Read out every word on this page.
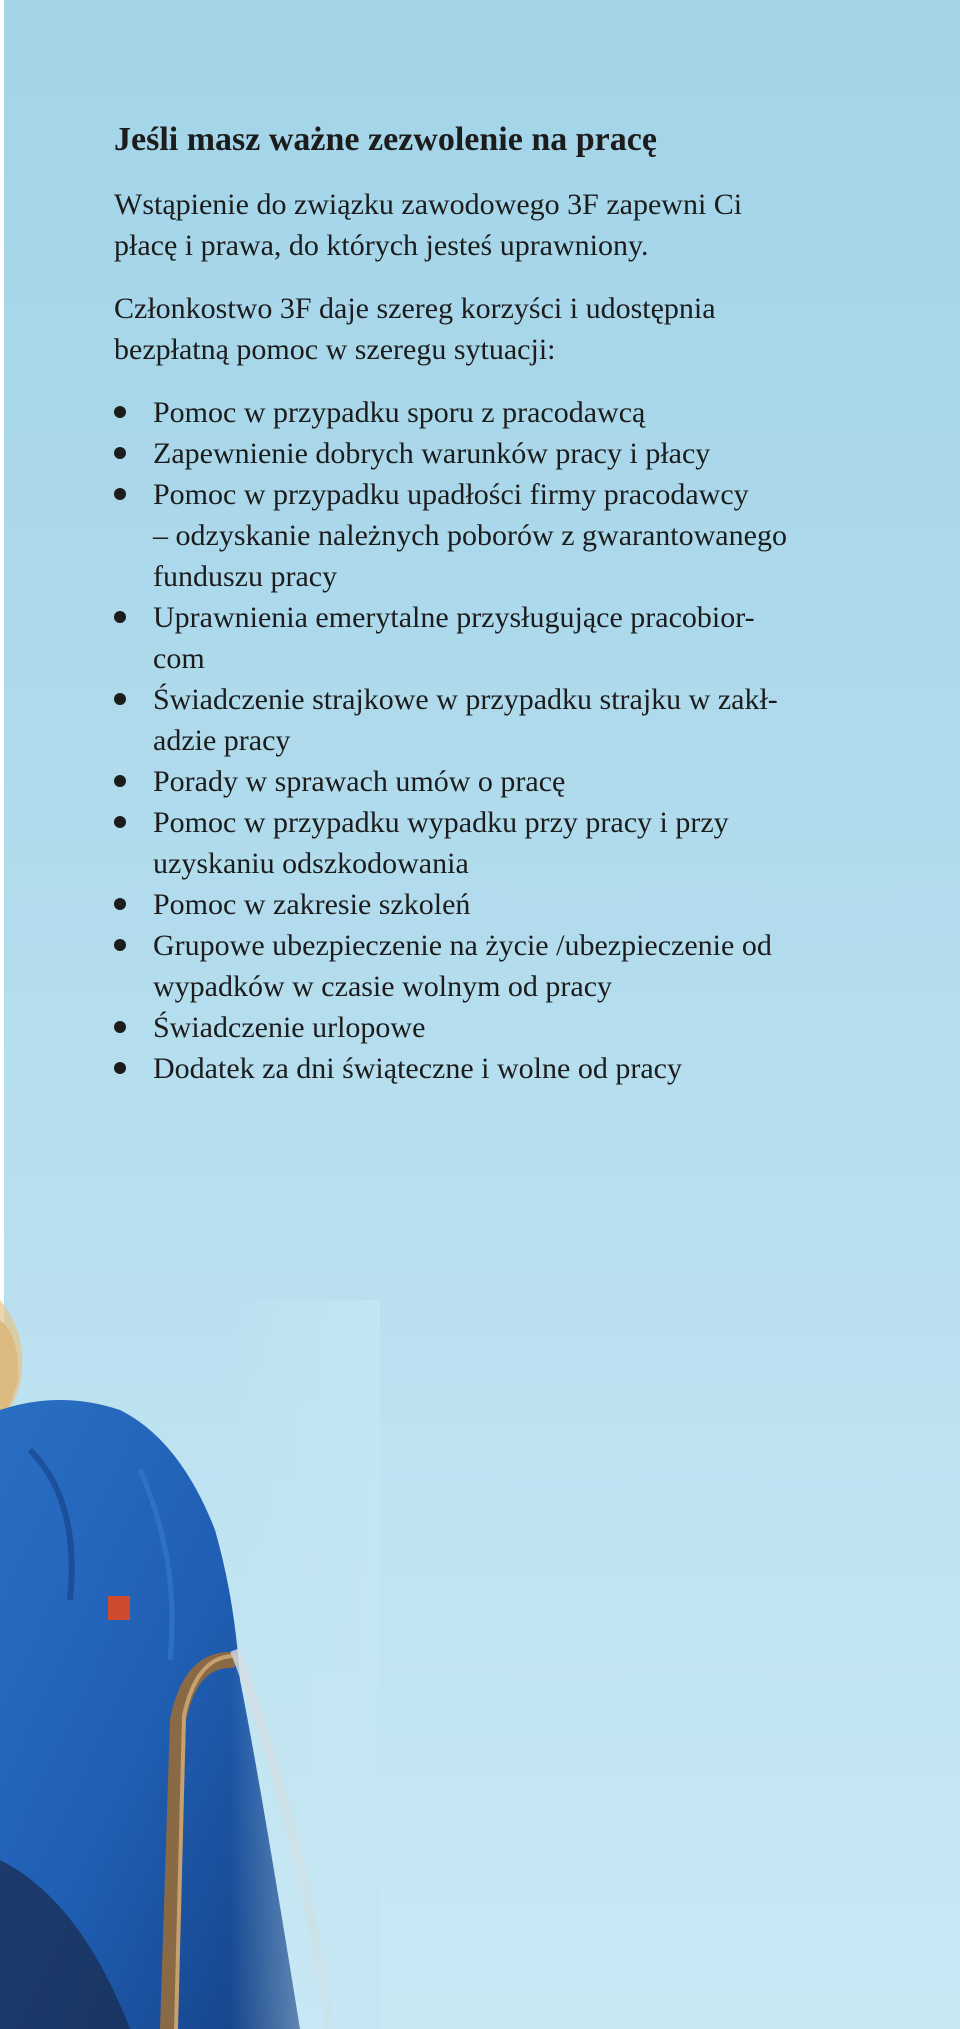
Jeśli masz ważne zezwolenie na pracę
Wstąpienie do związku zawodowego 3F zapewni Ci
płacę i prawa, do których jesteś uprawniony.
Członkostwo 3F daje szereg korzyści i udostępnia
bezpłatną pomoc w szeregu sytuacji:
Pomoc w przypadku sporu z pracodawcą
Zapewnienie dobrych warunków pracy i płacy
Pomoc w przypadku upadłości firmy pracodawcy
– odzyskanie należnych poborów z gwarantowanego
funduszu pracy
Uprawnienia emerytalne przysługujące pracobior-
com
Świadczenie strajkowe w przypadku strajku w zakł-
adzie pracy
Porady w sprawach umów o pracę
Pomoc w przypadku wypadku przy pracy i przy
uzyskaniu odszkodowania
Pomoc w zakresie szkoleń
Grupowe ubezpieczenie na życie /ubezpieczenie od
wypadków w czasie wolnym od pracy
Świadczenie urlopowe
Dodatek za dni świąteczne i wolne od pracy
